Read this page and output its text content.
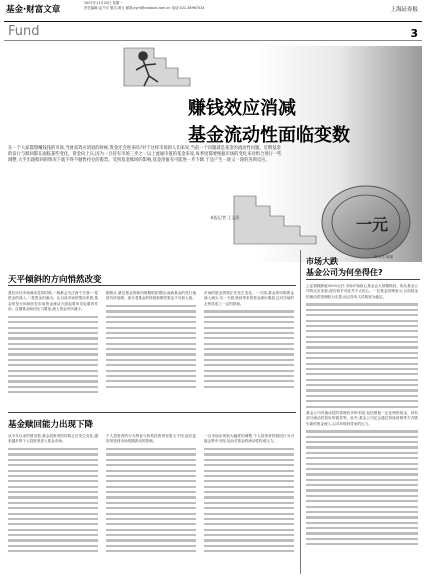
基金·财富文章
2007年11月20日 星期一
责任编辑:孟令宗 版式:黄玉 邮箱:zym@cnstock.com.cn 电话:021-38967524	上海证券报
Fund	3
一元
赚钱效应消减
基金流动性面临变数
在一个大家都想赚钱钱的市场,当财富效应消退的时候,资金还会进来吗?对于这样市场的人们来说,当前一个问题就是基金的流动性问题。近期基金的发行与赎回都在面临某些变化。资金向上压,因为一旦持有市场三步之一以上流通市值的基金来说,每季度都要根据市场的变化来对组合进行一些调整,大手出现赎回的情况下就不得不抛售持仓的股票。受到基金赎回的影响,基金净值有可能进一步下降,于是产生一轮又一轮的连锁反应。
本报记者 王文清
黄永伟 制图
天平倾斜的方向悄然改变
我们评估市场流动性的时候,一般都会关注两个方面:一是资金的流入,二是资金的流出。从目前市场的情况来看,基金的发行和赎回在市场资金流动方面起着举足轻重的作用。近期基金赎回压力增加,流入资金有所减少。
据统计,最近基金的赎回规模明显增加,而新基金的发行速度有所放缓。部分老基金的持续营销效果也不尽如人意。
市场的资金供需正在发生变化。一方面,基金的申购资金流入减少;另一方面,赎回带来的资金流出增加,这对市场的走势造成了一定的影响。
基金赎回能力出现下降
从今年以来的情况看,基金投资者的结构正在发生变化,越来越多的个人投资者进入基金市场。
个人投资者的行为特征与机构投资者有很大不同,他们更容易受到市场短期波动的影响。
一旦市场出现较大幅度的调整,个人投资者的赎回行为可能会集中出现,从而对基金的流动性构成压力。
市场大跌
基金公司为何坐得住?
上证指数跌破5000点后,市场开始担心基金会大规模赎回。但从基金公司的反应来看,他们似乎对此并不太担心。一位基金经理表示,目前基金的流动性管理较为完善,而且持有人结构较为稳定。
基金公司对流动性的管理有多种手段,包括保留一定比例的现金、持有部分流动性较好的债券等。此外,基金公司还会通过持续营销等方式吸引新的资金流入,以对冲赎回带来的压力。
